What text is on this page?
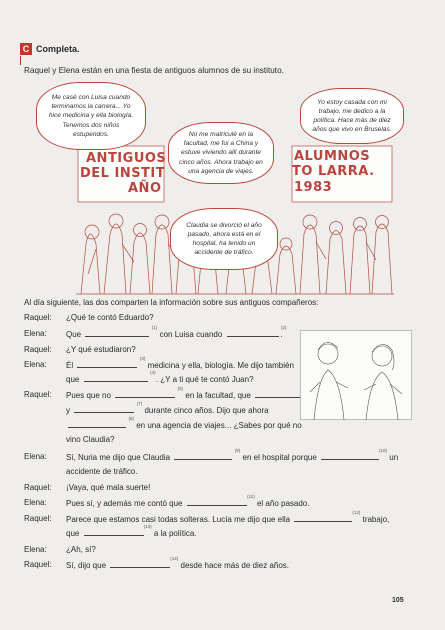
C Completa.
Raquel y Elena están en una fiesta de antiguos alumnos de su instituto.
ANTIGUOS
DEL INSTIT
AÑO
ALUMNOS
TO LARRA.
1983
Me casé con Luisa cuando terminamos la carrera... Yo hice medicina y ella biología. Tenemos dos niños estupendos.	No me matriculé en la facultad, me fui a China y estuve viviendo allí durante cinco años. Ahora trabajo en una agencia de viajes.
Yo estoy casada con mi trabajo, me dedico a la política. Hace más de diez años que vivo en Bruselas.
Claudia se divorció el año pasado, ahora está en el hospital, ha tenido un accidente de tráfico.
Al día siguiente, las dos comparten la información sobre sus antiguos compañeros:
Raquel: ¿Qué te contó Eduardo?
Elena: Que
(1)
con Luisa cuando
(2)
.
Raquel: ¿Y qué estudiaron?
Elena: Él
(3)
medicina y ella, biología. Me dijo también
que
(4)
. ¿Y a ti qué te contó Juan?
Raquel: Pues que no
(5)
en la facultad, que
y
(7)
durante cinco años. Dijo que ahora
(8)
en una agencia de viajes... ¿Sabes por qué no
vino Claudia?
Elena: Sí, Nuria me dijo que Claudia
(9)
en el hospital porque
(10)
un
accidente de tráfico.
Raquel: ¡Vaya, qué mala suerte!
Elena: Pues sí, y además me contó que
(11)
el año pasado.
Raquel: Parece que estamos casi todas solteras. Lucía me dijo que ella
(12)
trabajo,
que
(13)
a la política.
Elena: ¿Ah, sí?
Raquel: Sí, dijo que
(14)
desde hace más de diez años.
105
